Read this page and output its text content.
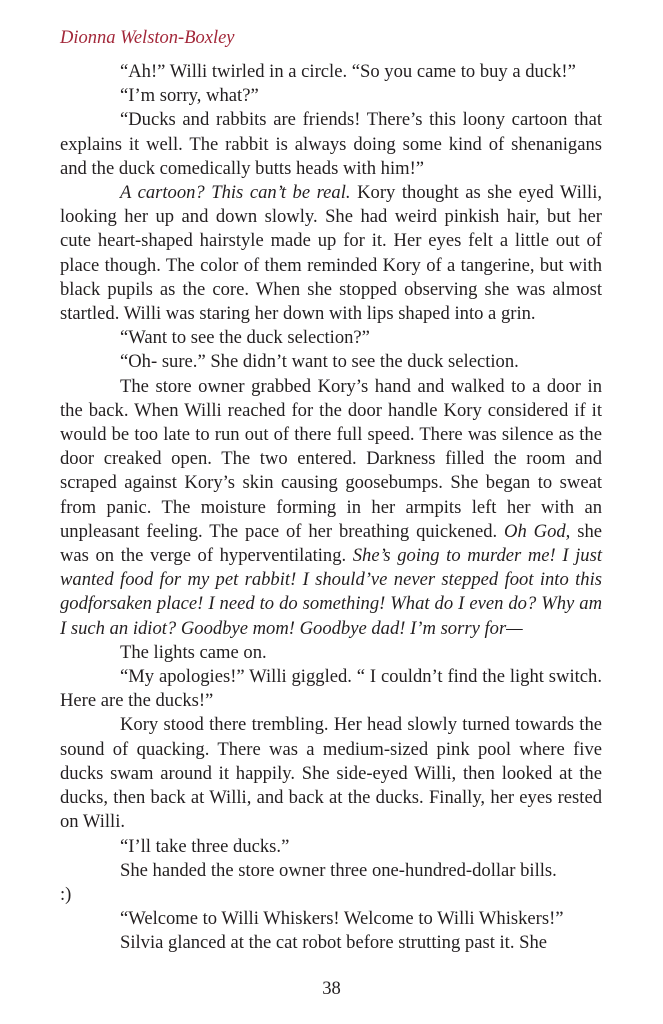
Dionna Welston-Boxley

“Ah!” Willi twirled in a circle. “So you came to buy a duck!”

“I’m sorry, what?”

“Ducks and rabbits are friends! There’s this loony cartoon that explains it well. The rabbit is always doing some kind of shenanigans and the duck comedically butts heads with him!”

A cartoon? This can’t be real. Kory thought as she eyed Willi, looking her up and down slowly. She had weird pinkish hair, but her cute heart-shaped hairstyle made up for it. Her eyes felt a little out of place though. The color of them reminded Kory of a tangerine, but with black pupils as the core. When she stopped observing she was almost startled. Willi was staring her down with lips shaped into a grin.

“Want to see the duck selection?”

“Oh- sure.” She didn’t want to see the duck selection.

The store owner grabbed Kory’s hand and walked to a door in the back. When Willi reached for the door handle Kory considered if it would be too late to run out of there full speed. There was silence as the door creaked open. The two entered. Darkness filled the room and scraped against Kory’s skin causing goosebumps. She began to sweat from panic. The moisture forming in her armpits left her with an unpleasant feeling. The pace of her breathing quickened. Oh God, she was on the verge of hyperventilating. She’s going to murder me! I just wanted food for my pet rabbit! I should’ve never stepped foot into this godforsaken place! I need to do something! What do I even do? Why am I such an idiot? Goodbye mom! Goodbye dad! I’m sorry for—

The lights came on.

“My apologies!” Willi giggled. “ I couldn’t find the light switch. Here are the ducks!”

Kory stood there trembling. Her head slowly turned towards the sound of quacking. There was a medium-sized pink pool where five ducks swam around it happily. She side-eyed Willi, then looked at the ducks, then back at Willi, and back at the ducks. Finally, her eyes rested on Willi.

“I’ll take three ducks.”

She handed the store owner three one-hundred-dollar bills.

:)

“Welcome to Willi Whiskers! Welcome to Willi Whiskers!”

Silvia glanced at the cat robot before strutting past it. She

38
